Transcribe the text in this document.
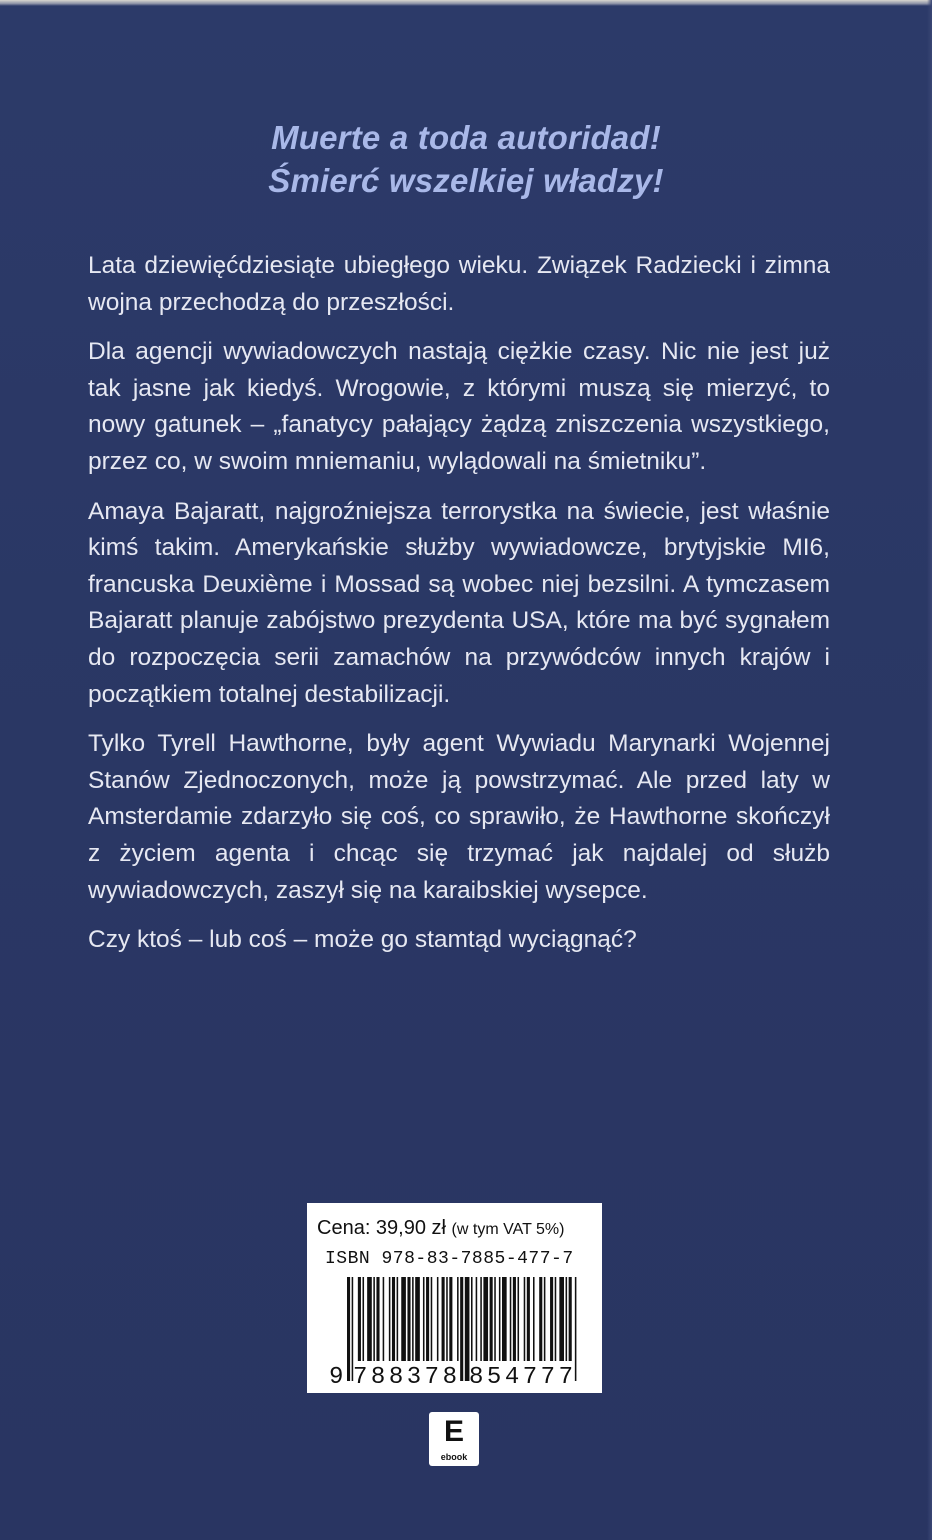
Muerte a toda autoridad!
Śmierć wszelkiej władzy!

Lata dziewięćdziesiąte ubiegłego wieku. Związek Radziecki i zimna wojna przechodzą do przeszłości.

Dla agencji wywiadowczych nastają ciężkie czasy. Nic nie jest już tak jasne jak kiedyś. Wrogowie, z którymi muszą się mierzyć, to nowy gatunek – „fanatycy pałający żądzą zniszczenia wszystkiego, przez co, w swoim mniemaniu, wylądowali na śmietniku”.

Amaya Bajaratt, najgroźniejsza terrorystka na świecie, jest właśnie kimś takim. Amerykańskie służby wywiadowcze, brytyjskie MI6, francuska Deuxième i Mossad są wobec niej bezsilni. A tymczasem Bajaratt planuje zabójstwo prezydenta USA, które ma być sygnałem do rozpoczęcia serii zamachów na przywódców innych krajów i początkiem totalnej destabilizacji.

Tylko Tyrell Hawthorne, były agent Wywiadu Marynarki Wojennej Stanów Zjednoczonych, może ją powstrzymać. Ale przed laty w Amsterdamie zdarzyło się coś, co sprawiło, że Hawthorne skończył z życiem agenta i chcąc się trzymać jak najdalej od służb wywiadowczych, zaszył się na karaibskiej wysepce.

Czy ktoś – lub coś – może go stamtąd wyciągnąć?

Cena: 39,90 zł (w tym VAT 5%)
ISBN 978-83-7885-477-7
9 788378 854777
E
ebook
